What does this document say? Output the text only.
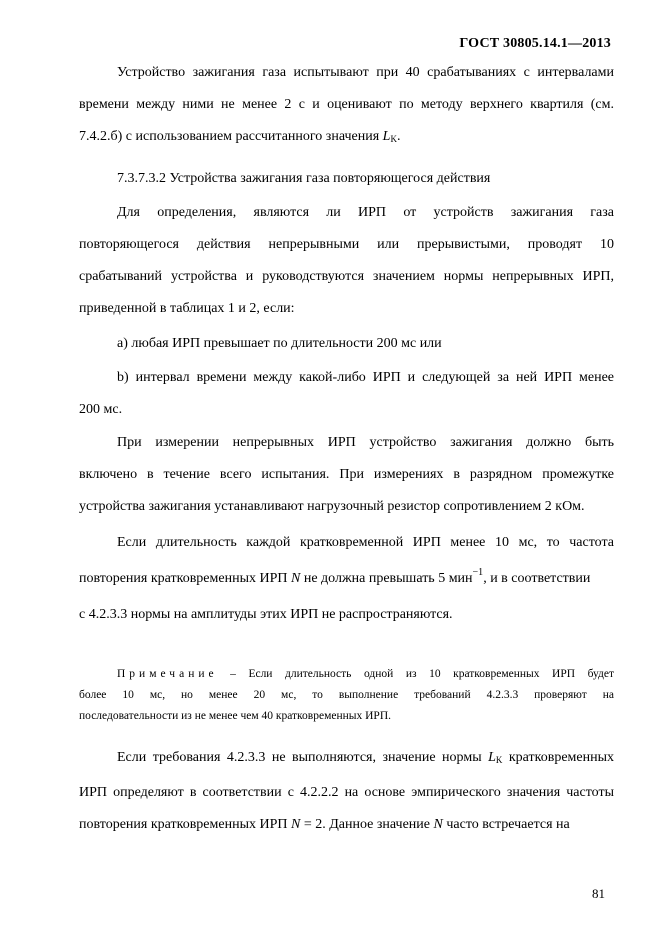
ГОСТ 30805.14.1—2013
Устройство зажигания газа испытывают при 40 срабатываниях с интервалами
времени между ними не менее 2 с и оценивают по методу верхнего квартиля (см.
7.4.2.б) с использованием рассчитанного значения $L_K$.
7.3.7.3.2 Устройства зажигания газа повторяющегося действия
Для определения, являются ли ИРП от устройств зажигания газа
повторяющегося действия непрерывными или прерывистыми, проводят 10
срабатываний устройства и руководствуются значением нормы непрерывных ИРП,
приведенной в таблицах 1 и 2, если:
a) любая ИРП превышает по длительности 200 мс или
b) интервал времени между какой-либо ИРП и следующей за ней ИРП менее
200 мс.
При измерении непрерывных ИРП устройство зажигания должно быть
включено в течение всего испытания. При измерениях в разрядном промежутке
устройства зажигания устанавливают нагрузочный резистор сопротивлением 2 кОм.
Если длительность каждой кратковременной ИРП менее 10 мс, то частота
повторения кратковременных ИРП N не должна превышать 5 мин$^{-1}$, и в соответствии
с 4.2.3.3 нормы на амплитуды этих ИРП не распространяются.
Примечание – Если длительность одной из 10 кратковременных ИРП будет
более 10 мс, но менее 20 мс, то выполнение требований 4.2.3.3 проверяют на
последовательности из не менее чем 40 кратковременных ИРП.
Если требования 4.2.3.3 не выполняются, значение нормы $L_K$ кратковременных
ИРП определяют в соответствии с 4.2.2.2 на основе эмпирического значения частоты
повторения кратковременных ИРП N = 2. Данное значение N часто встречается на
81
